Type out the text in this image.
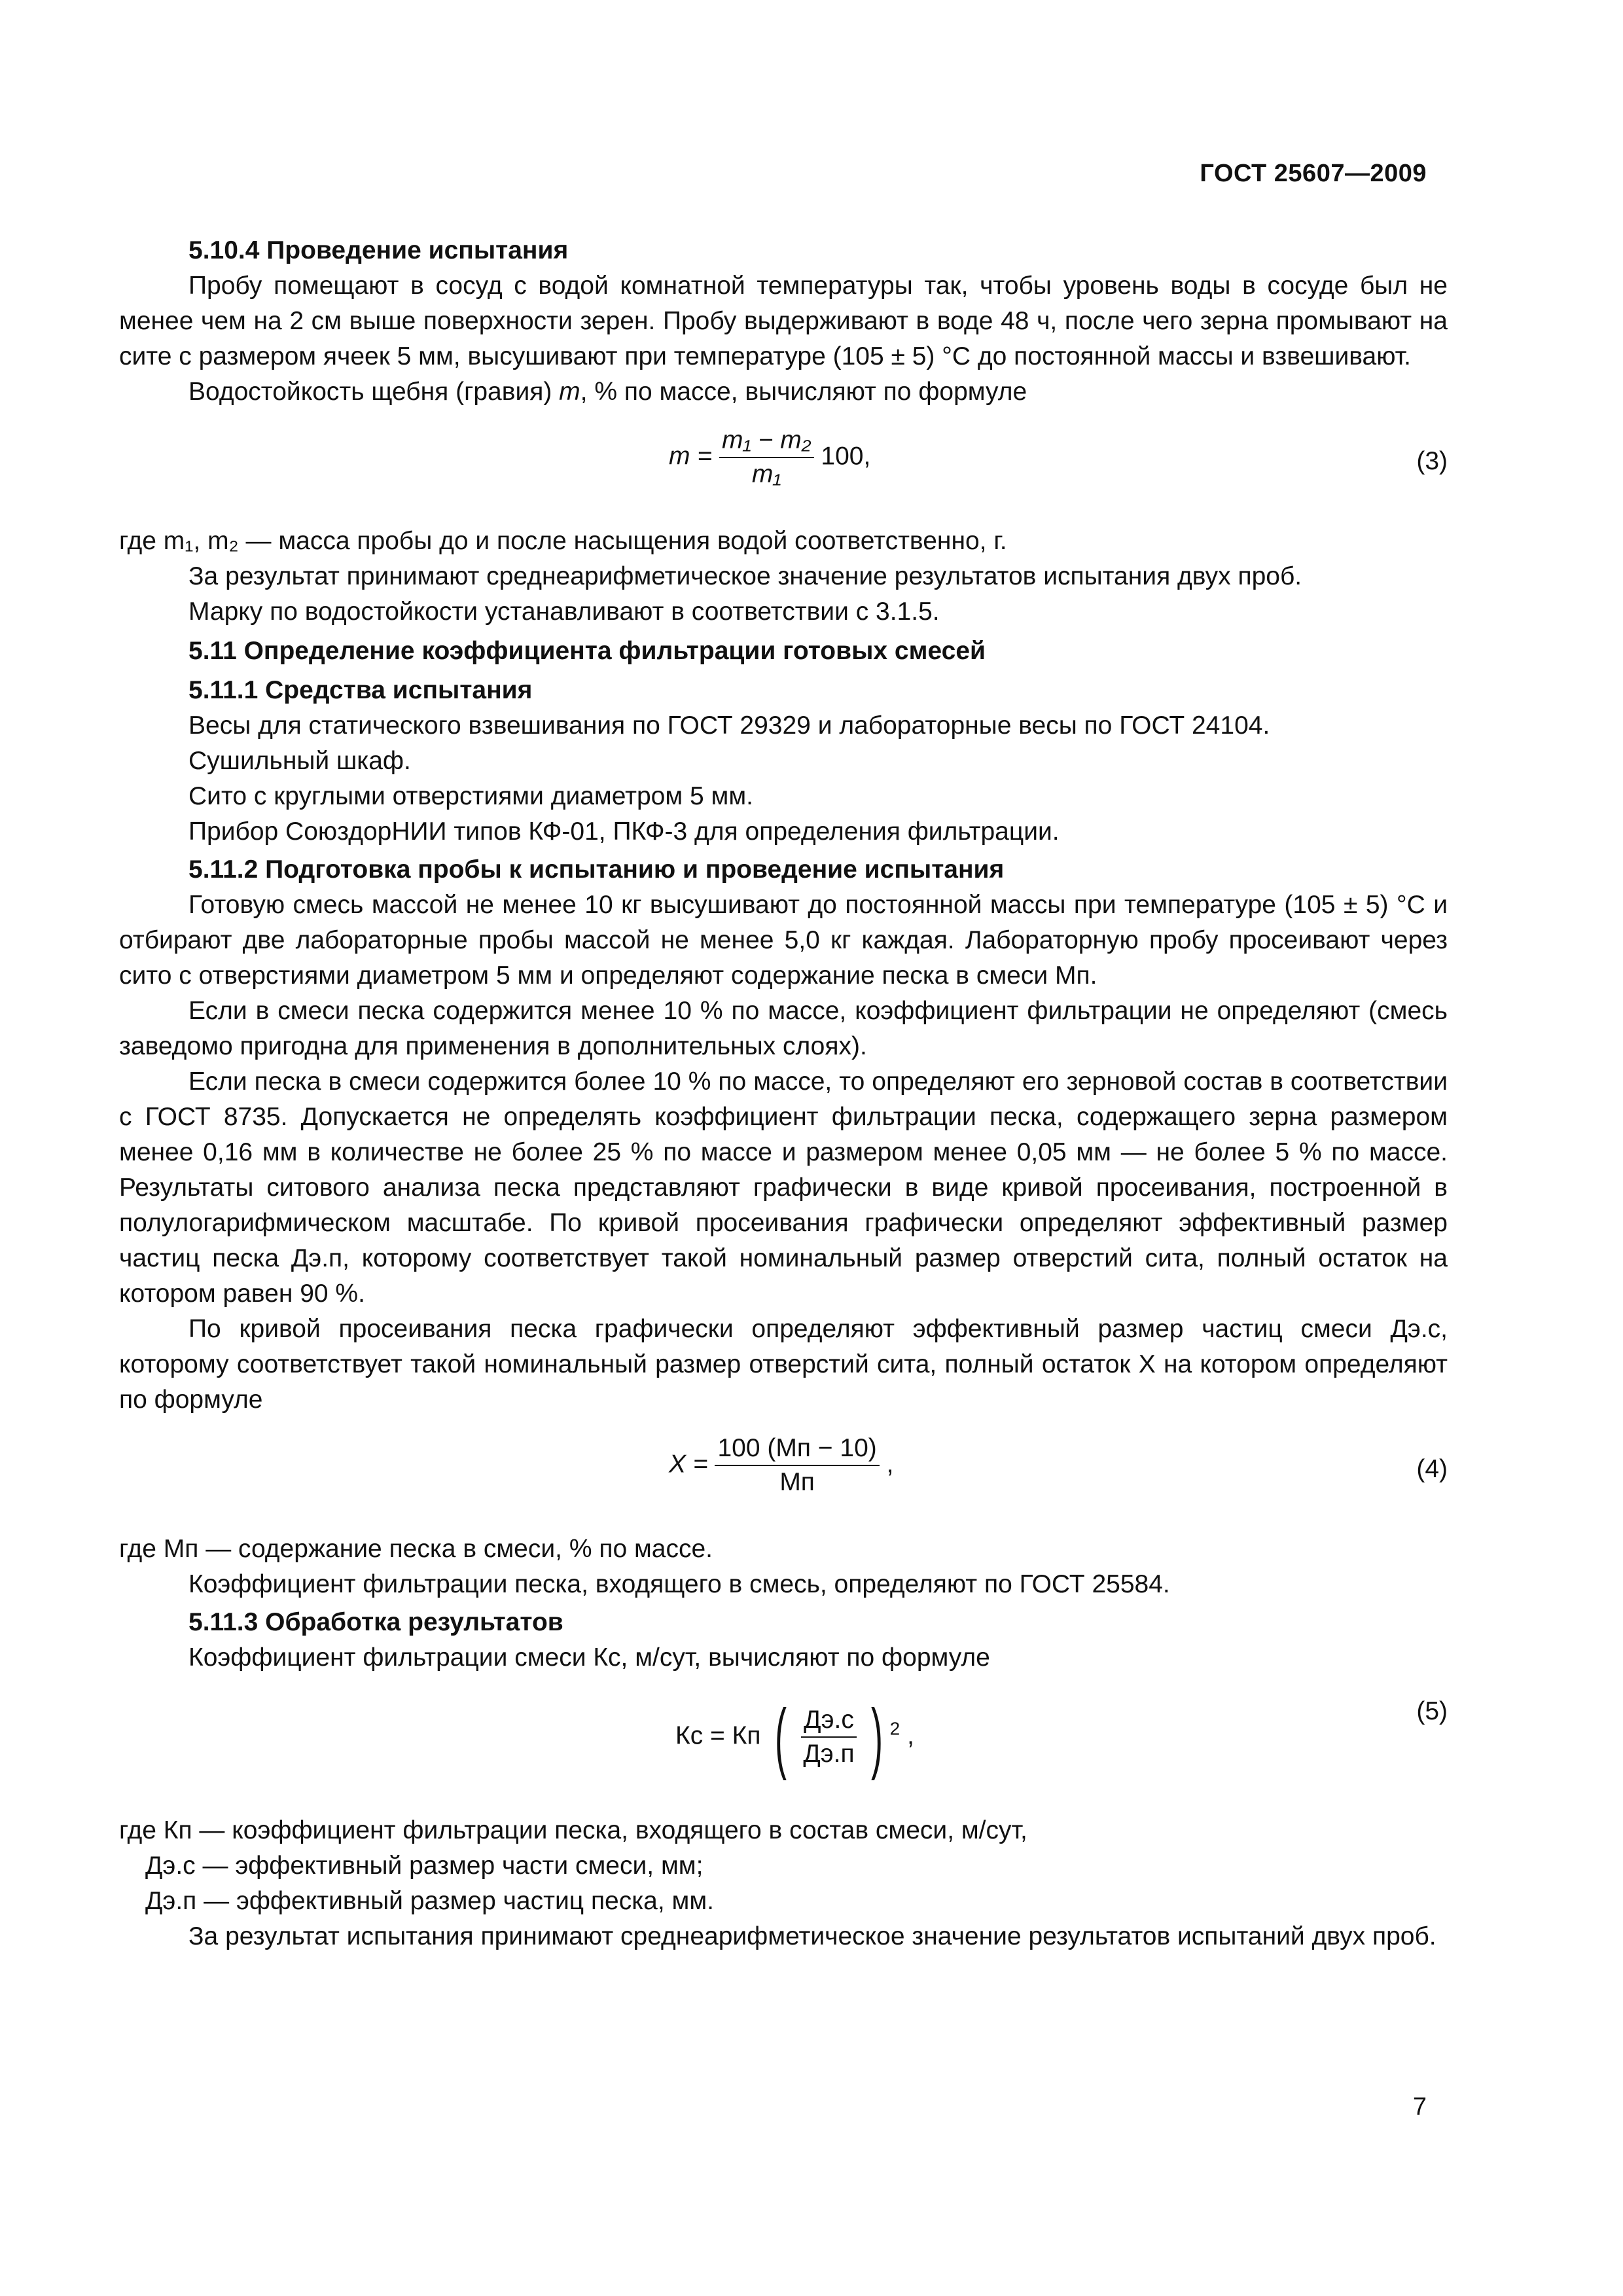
ГОСТ 25607—2009

5.10.4 Проведение испытания

Пробу помещают в сосуд с водой комнатной температуры так, чтобы уровень воды в сосуде был не менее чем на 2 см выше поверхности зерен. Пробу выдерживают в воде 48 ч, после чего зерна промывают на сите с размером ячеек 5 мм, высушивают при температуре (105 ± 5) °С до постоянной массы и взвешивают.

Водостойкость щебня (гравия) m, % по массе, вычисляют по формуле

$m = \frac{\text{m₁ − m₂}}{\text{m₁}} 100$,	(3)

где m₁, m₂ — масса пробы до и после насыщения водой соответственно, г.

За результат принимают среднеарифметическое значение результатов испытания двух проб.

Марку по водостойкости устанавливают в соответствии с 3.1.5.

5.11 Определение коэффициента фильтрации готовых смесей

5.11.1 Средства испытания

Весы для статического взвешивания по ГОСТ 29329 и лабораторные весы по ГОСТ 24104.

Сушильный шкаф.

Сито с круглыми отверстиями диаметром 5 мм.

Прибор СоюздорНИИ типов КФ-01, ПКФ-3 для определения фильтрации.

5.11.2 Подготовка пробы к испытанию и проведение испытания

Готовую смесь массой не менее 10 кг высушивают до постоянной массы при температуре (105 ± 5) °С и отбирают две лабораторные пробы массой не менее 5,0 кг каждая. Лабораторную пробу просеивают через сито с отверстиями диаметром 5 мм и определяют содержание песка в смеси Мп.

Если в смеси песка содержится менее 10 % по массе, коэффициент фильтрации не определяют (смесь заведомо пригодна для применения в дополнительных слоях).

Если песка в смеси содержится более 10 % по массе, то определяют его зерновой состав в соответствии с ГОСТ 8735. Допускается не определять коэффициент фильтрации песка, содержащего зерна размером менее 0,16 мм в количестве не более 25 % по массе и размером менее 0,05 мм — не более 5 % по массе. Результаты ситового анализа песка представляют графически в виде кривой просеивания, построенной в полулогарифмическом масштабе. По кривой просеивания графически определяют эффективный размер частиц песка Дэ.п, которому соответствует такой номинальный размер отверстий сита, полный остаток на котором равен 90 %.

По кривой просеивания песка графически определяют эффективный размер частиц смеси Дэ.с, которому соответствует такой номинальный размер отверстий сита, полный остаток X на котором определяют по формуле

$X = \frac{100 (Мп - 10)}{Мп}$ ,	(4)

где Мп — содержание песка в смеси, % по массе.

Коэффициент фильтрации песка, входящего в смесь, определяют по ГОСТ 25584.

5.11.3 Обработка результатов

Коэффициент фильтрации смеси Кс, м/сут, вычисляют по формуле

Кс = Кп ( $\frac{Дэ.с}{Дэ.п}$ ) $^2$ ,
(5)

где Кп — коэффициент фильтрации песка, входящего в состав смеси, м/сут,

Дэ.с — эффективный размер части смеси, мм;

Дэ.п — эффективный размер частиц песка, мм.

За результат испытания принимают среднеарифметическое значение результатов испытаний двух проб.

7
